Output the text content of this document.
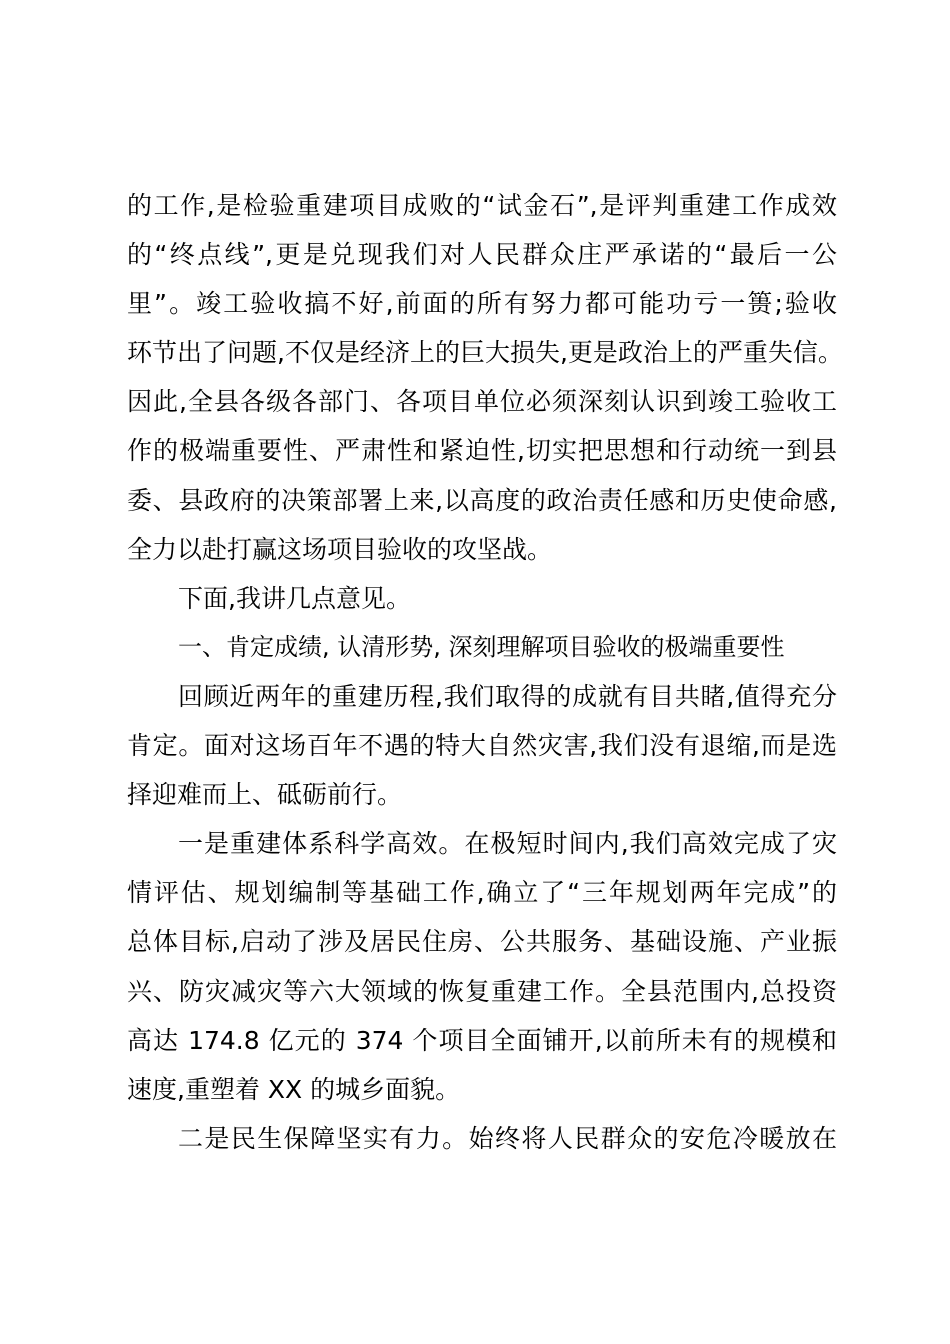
的工作,是检验重建项目成败的“试金石”,是评判重建工作成效
的“终点线”,更是兑现我们对人民群众庄严承诺的“最后一公
里”。竣工验收搞不好,前面的所有努力都可能功亏一篑;验收
环节出了问题,不仅是经济上的巨大损失,更是政治上的严重失信。
因此,全县各级各部门、各项目单位必须深刻认识到竣工验收工
作的极端重要性、严肃性和紧迫性,切实把思想和行动统一到县
委、县政府的决策部署上来,以高度的政治责任感和历史使命感,
全力以赴打赢这场项目验收的攻坚战。
下面,我讲几点意见。
一、肯定成绩, 认清形势, 深刻理解项目验收的极端重要性
回顾近两年的重建历程,我们取得的成就有目共睹,值得充分
肯定。面对这场百年不遇的特大自然灾害,我们没有退缩,而是选
择迎难而上、砥砺前行。
一是重建体系科学高效。在极短时间内,我们高效完成了灾
情评估、规划编制等基础工作,确立了“三年规划两年完成”的
总体目标,启动了涉及居民住房、公共服务、基础设施、产业振
兴、防灾减灾等六大领域的恢复重建工作。全县范围内,总投资
高达 174.8 亿元的 374 个项目全面铺开,以前所未有的规模和
速度,重塑着 XX 的城乡面貌。
二是民生保障坚实有力。始终将人民群众的安危冷暖放在
